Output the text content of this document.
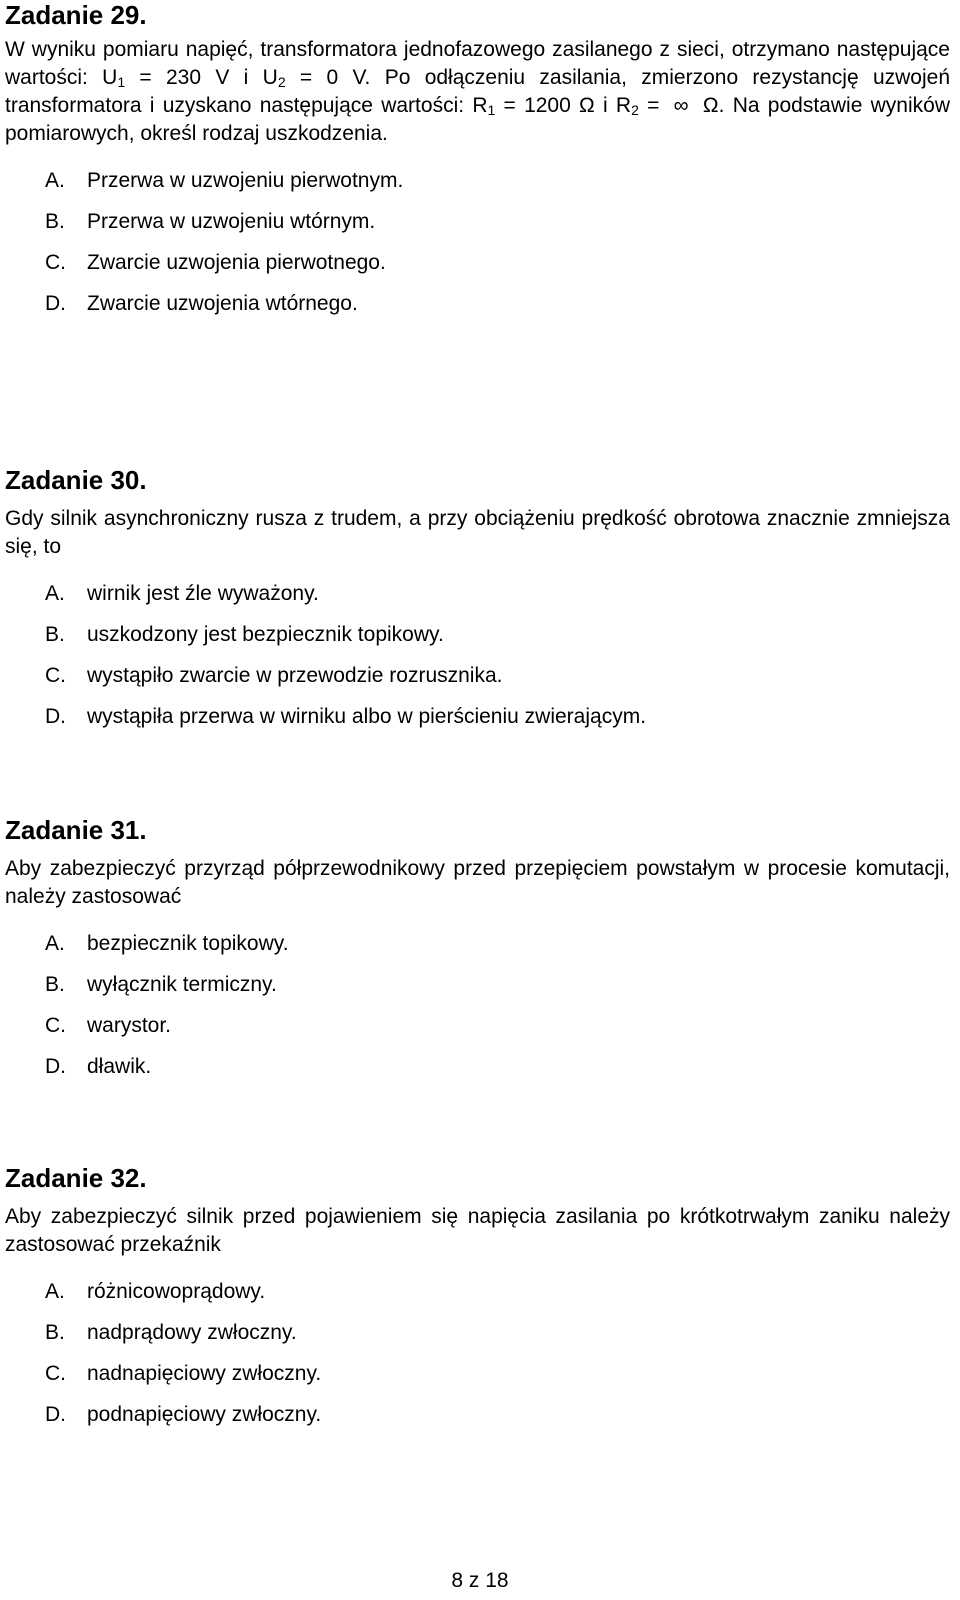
Zadanie 29.

W wyniku pomiaru napięć, transformatora jednofazowego zasilanego z sieci, otrzymano następujące wartości: $U_1 = 230$ V i $U_2 = 0$ V. Po odłączeniu zasilania, zmierzono rezystancję uzwojeń transformatora i uzyskano następujące wartości: $R_1 = 1200$ Ω i $R_2$ = ∞ Ω. Na podstawie wyników pomiarowych, określ rodzaj uszkodzenia.

A. Przerwa w uzwojeniu pierwotnym.
B. Przerwa w uzwojeniu wtórnym.
C. Zwarcie uzwojenia pierwotnego.
D. Zwarcie uzwojenia wtórnego.
Zadanie 30.

Gdy silnik asynchroniczny rusza z trudem, a przy obciążeniu prędkość obrotowa znacznie zmniejsza się, to

A. wirnik jest źle wyważony.
B. uszkodzony jest bezpiecznik topikowy.
C. wystąpiło zwarcie w przewodzie rozrusznika.
D. wystąpiła przerwa w wirniku albo w pierścieniu zwierającym.
Zadanie 31.

Aby zabezpieczyć przyrząd półprzewodnikowy przed przepięciem powstałym w procesie komutacji, należy zastosować

A. bezpiecznik topikowy.
B. wyłącznik termiczny.
C. warystor.
D. dławik.
Zadanie 32.

Aby zabezpieczyć silnik przed pojawieniem się napięcia zasilania po krótkotrwałym zaniku należy zastosować przekaźnik

A. różnicowoprądowy.
B. nadprądowy zwłoczny.
C. nadnapięciowy zwłoczny.
D. podnapięciowy zwłoczny.
8 z 18
